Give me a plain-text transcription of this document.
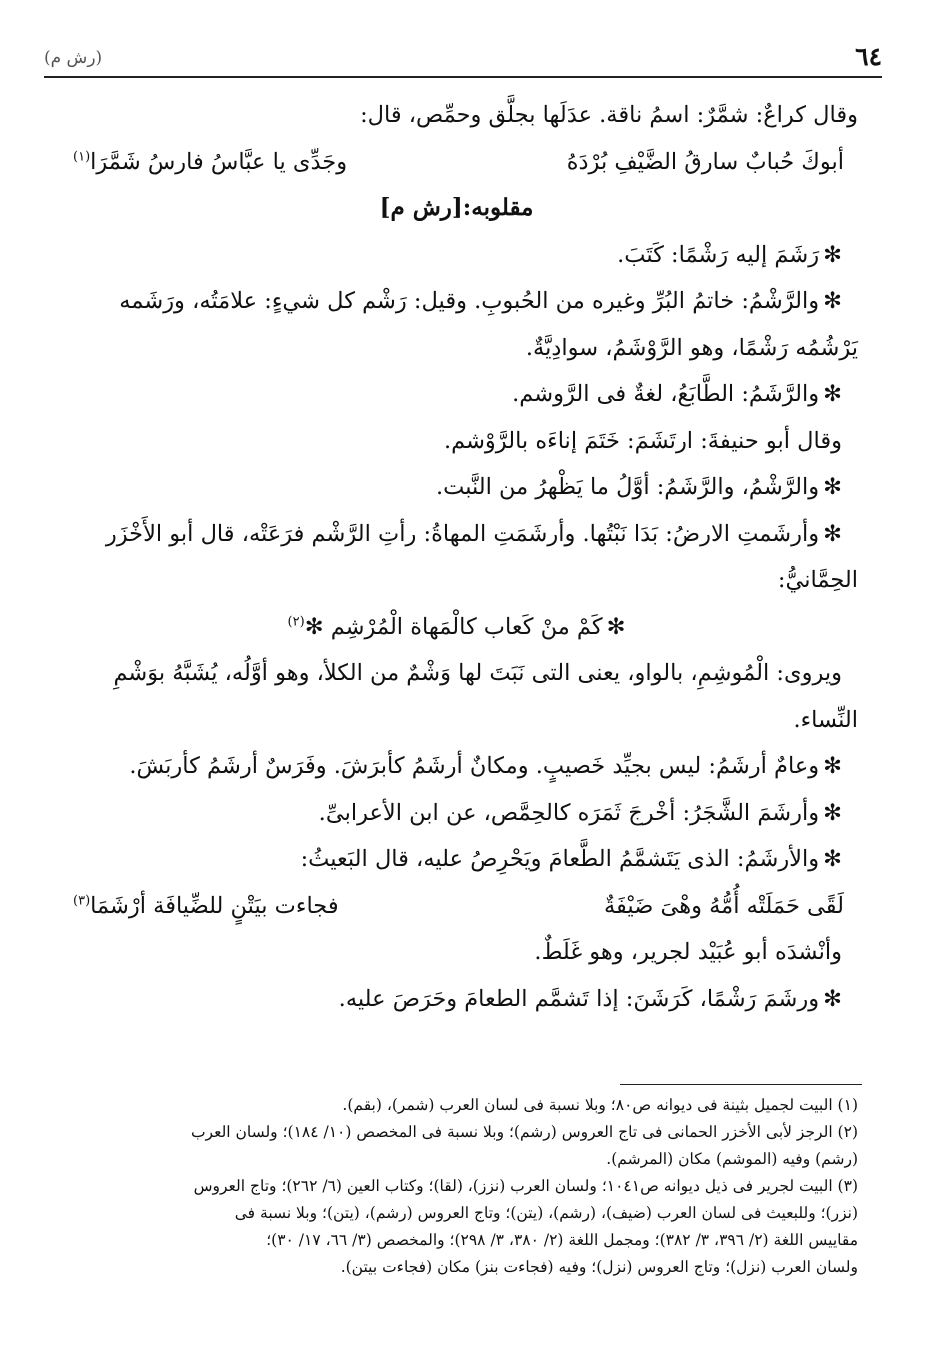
٦٤
(رش م)

وقال كراعٌ: شمَّرٌ: اسمُ ناقة. عدَلَها بجلَّق وحمِّص، قال:

أبوكَ حُبابٌ سارقُ الضَّيْفِ بُرْدَهُ
وجَدِّى يا عبَّاسُ فارسُ شَمَّرَا$^{(١)}$

مقلوبه:[رش م]

✻رَشَمَ إليه رَشْمًا: كَتَبَ.

✻والرَّشْمُ: خاتمُ البُرِّ وغيره من الحُبوبِ. وقيل: رَشْم كل شيءٍ: علامَتُه، ورَشَمه

يَرْشُمُه رَشْمًا، وهو الرَّوْشَمُ، سوادِيَّةٌ.

✻والرَّشَمُ: الطَّابَعُ، لغةٌ فى الرَّوشم.

وقال أبو حنيفةَ: ارتَشَمَ: خَتَمَ إناءَه بالرَّوْشم.

✻والرَّشْمُ، والرَّشَمُ: أوَّلُ ما يَظْهرُ من النَّبت.

✻وأرشَمتِ الارضُ: بَدَا نَبْتُها. وأرشَمَتِ المهاةُ: رأتِ الرَّشْم فرَعَتْه، قال أبو الأَخْزَر

الحِمَّانيُّ:

✻كَمْ منْ كَعاب كالْمَهاة الْمُرْشِم ✻$^{(٢)}$

ويروى: الْمُوشِمِ، بالواو، يعنى التى نَبَتَ لها وَشْمٌ من الكلأ، وهو أوَّلُه، يُشَبَّهُ بوَشْمِ

النِّساء.

✻وعامٌ أرشَمُ: ليس بجيِّد خَصيبٍ. ومكانٌ أرشَمُ كأبرَشَ. وفَرَسٌ أرشَمُ كأربَشَ.

✻وأرشَمَ الشَّجَرُ: أخْرجَ ثَمَرَه كالحِمَّص، عن ابن الأعرابىِّ.

✻والأرشَمُ: الذى يَتَشمَّمُ الطَّعامَ ويَحْرِصُ عليه، قال البَعيثُ:

لَقًى حَمَلَتْه أُمُّهُ وهْىَ ضَيْفَةٌ
فجاءت بيَتْنٍ للضِّيافَة أرْشَمَا$^{(٣)}$

وأنْشدَه أبو عُبَيْد لجرير، وهو غَلَطٌ.

✻ورشَمَ رَشْمًا، كَرَشَنَ: إذا تَشمَّم الطعامَ وحَرَصَ عليه.

(١) البيت لجميل بثينة فى ديوانه ص٨٠؛ وبلا نسبة فى لسان العرب (شمر)، (بقم).

(٢) الرجز لأبى الأخزر الحمانى فى تاج العروس (رشم)؛ وبلا نسبة فى المخصص (١٠/ ١٨٤)؛ ولسان العرب

(رشم) وفيه (الموشم) مكان (المرشم).

(٣) البيت لجرير فى ذيل ديوانه ص١٠٤١؛ ولسان العرب (نزز)، (لقا)؛ وكتاب العين (٦/ ٢٦٢)؛ وتاج العروس

(نزر)؛ وللبعيث فى لسان العرب (ضيف)، (رشم)، (يتن)؛ وتاج العروس (رشم)، (يتن)؛ وبلا نسبة فى

مقاييس اللغة (٢/ ٣٩٦، ٣/ ٣٨٢)؛ ومجمل اللغة (٢/ ٣٨٠، ٣/ ٢٩٨)؛ والمخصص (٣/ ٦٦، ١٧/ ٣٠)؛

ولسان العرب (نزل)؛ وتاج العروس (نزل)؛ وفيه (فجاءت بنز) مكان (فجاءت بيتن).
